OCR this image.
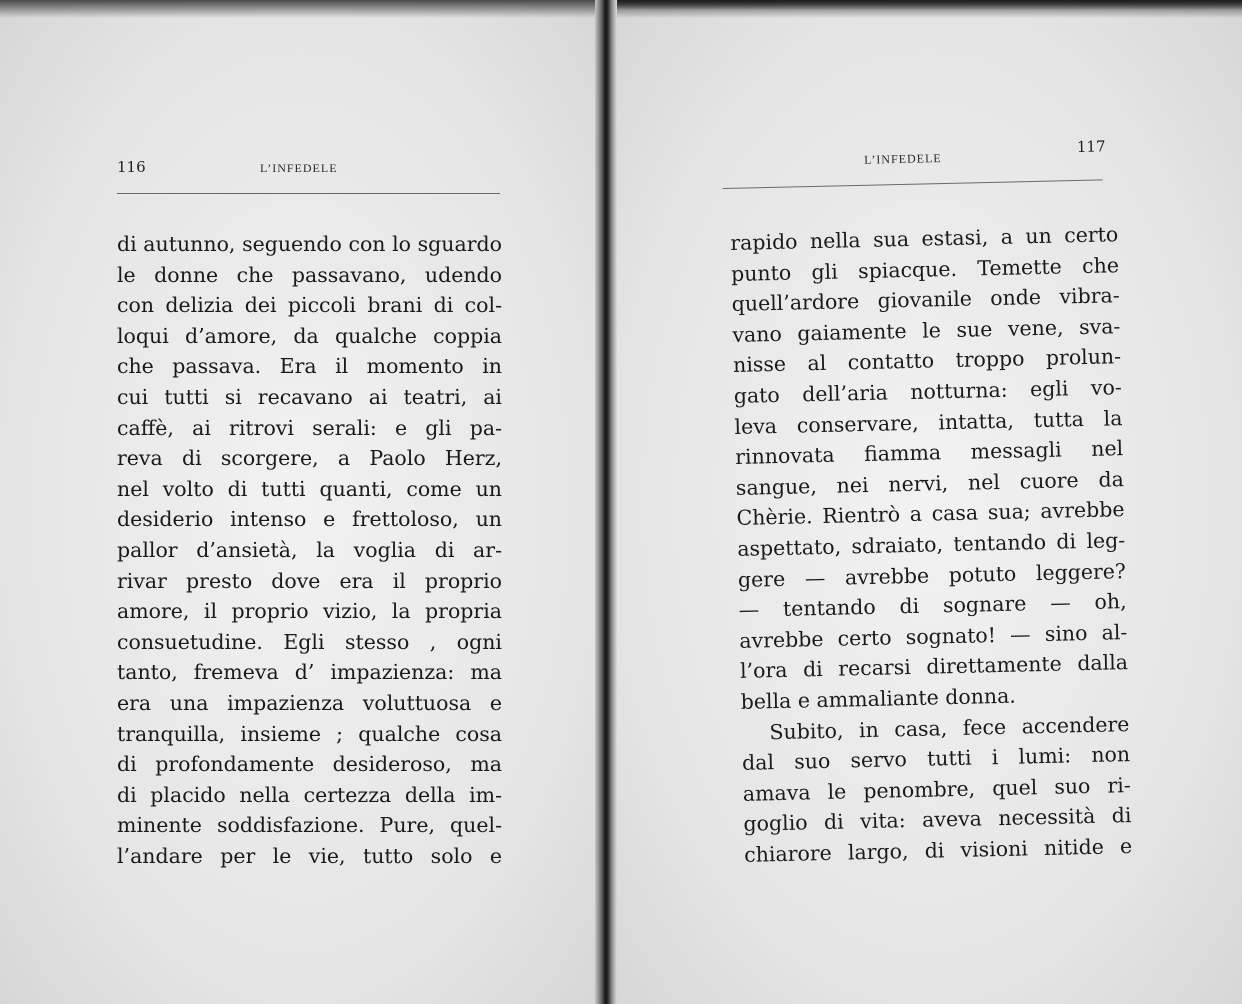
116	L’INFEDELE
di autunno, seguendo con lo sguardo
le donne che passavano, udendo
con delizia dei piccoli brani di col-
loqui d’amore, da qualche coppia
che passava. Era il momento in
cui tutti si recavano ai teatri, ai
caffè, ai ritrovi serali: e gli pa-
reva di scorgere, a Paolo Herz,
nel volto di tutti quanti, come un
desiderio intenso e frettoloso, un
pallor d’ansietà, la voglia di ar-
rivar presto dove era il proprio
amore, il proprio vizio, la propria
consuetudine. Egli stesso , ogni
tanto, fremeva d’ impazienza: ma
era una impazienza voluttuosa e
tranquilla, insieme ; qualche cosa
di profondamente desideroso, ma
di placido nella certezza della im-
minente soddisfazione. Pure, quel-
l’andare per le vie, tutto solo e
L’INFEDELE
117
rapido nella sua estasi, a un certo
punto gli spiacque. Temette che
quell’ardore giovanile onde vibra-
vano gaiamente le sue vene, sva-
nisse al contatto troppo prolun-
gato dell’aria notturna: egli vo-
leva conservare, intatta, tutta la
rinnovata fiamma messagli nel
sangue, nei nervi, nel cuore da
Chèrie. Rientrò a casa sua; avrebbe
aspettato, sdraiato, tentando di leg-
gere — avrebbe potuto leggere?
— tentando di sognare — oh,
avrebbe certo sognato! — sino al-
l’ora di recarsi direttamente dalla
bella e ammaliante donna.
Subito, in casa, fece accendere
dal suo servo tutti i lumi: non
amava le penombre, quel suo ri-
goglio di vita: aveva necessità di
chiarore largo, di visioni nitide e
